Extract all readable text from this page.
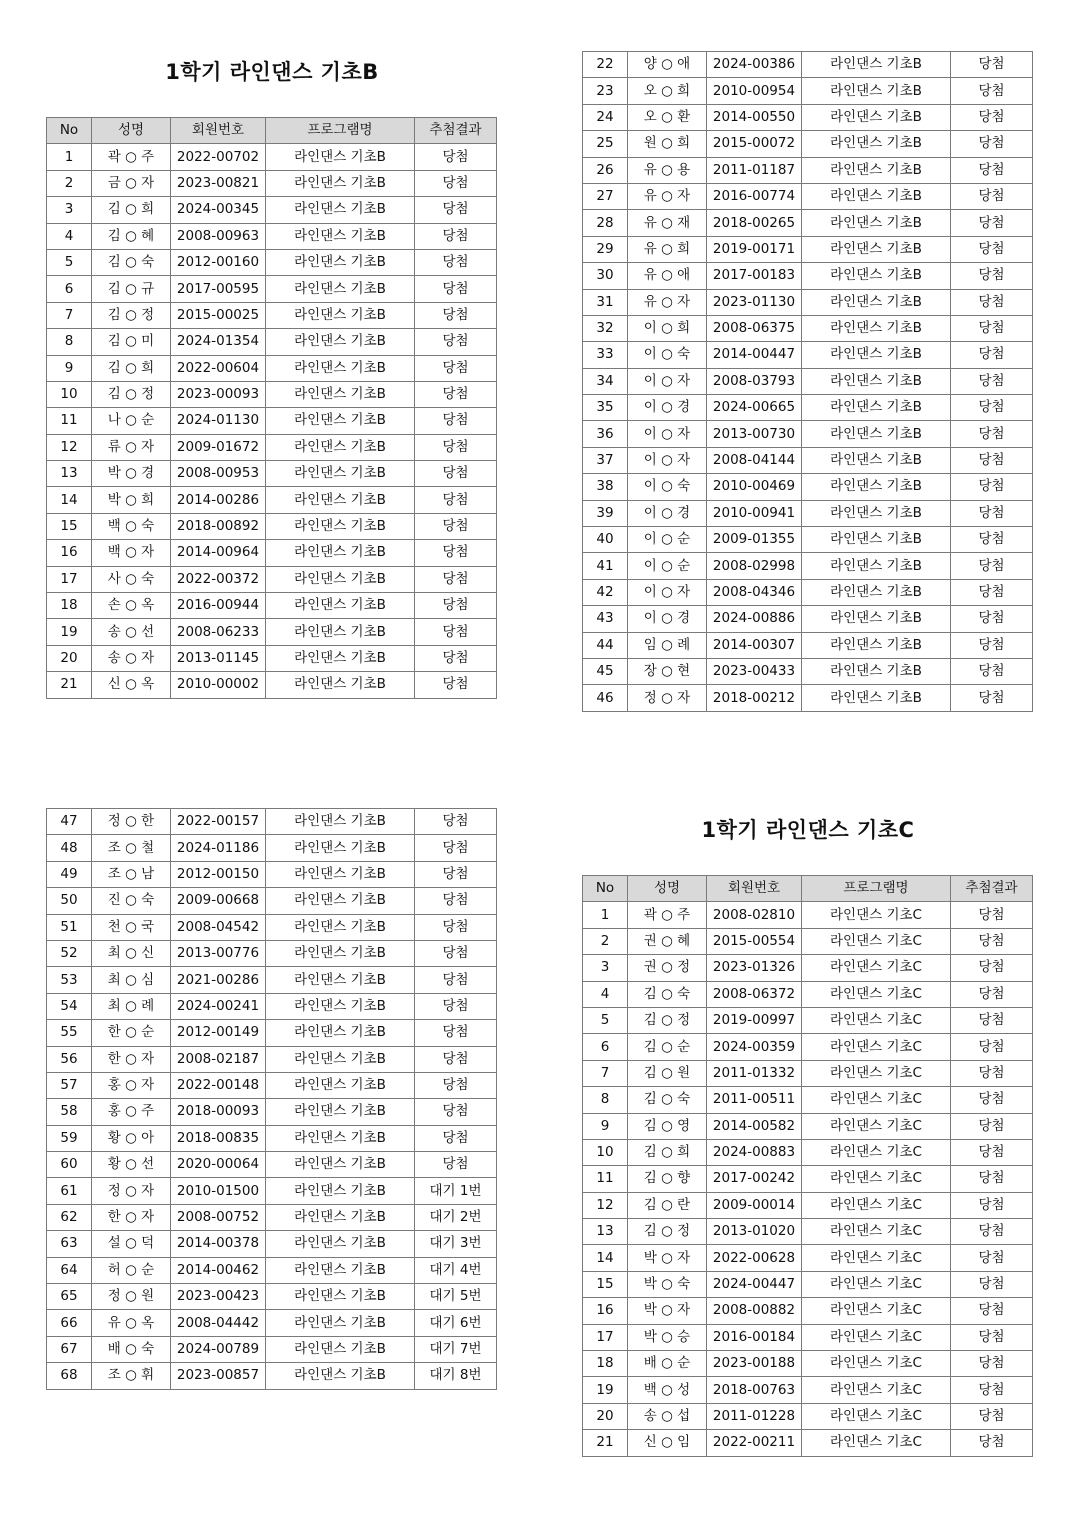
1학기 라인댄스 기초B
No	성명	회원번호	프로그램명	추첨결과
1	곽 ○ 주	2022-00702	라인댄스 기초B	당첨
2	금 ○ 자	2023-00821	라인댄스 기초B	당첨
3	김 ○ 희	2024-00345	라인댄스 기초B	당첨
4	김 ○ 혜	2008-00963	라인댄스 기초B	당첨
5	김 ○ 숙	2012-00160	라인댄스 기초B	당첨
6	김 ○ 규	2017-00595	라인댄스 기초B	당첨
7	김 ○ 정	2015-00025	라인댄스 기초B	당첨
8	김 ○ 미	2024-01354	라인댄스 기초B	당첨
9	김 ○ 희	2022-00604	라인댄스 기초B	당첨
10	김 ○ 정	2023-00093	라인댄스 기초B	당첨
11	나 ○ 순	2024-01130	라인댄스 기초B	당첨
12	류 ○ 자	2009-01672	라인댄스 기초B	당첨
13	박 ○ 경	2008-00953	라인댄스 기초B	당첨
14	박 ○ 희	2014-00286	라인댄스 기초B	당첨
15	백 ○ 숙	2018-00892	라인댄스 기초B	당첨
16	백 ○ 자	2014-00964	라인댄스 기초B	당첨
17	사 ○ 숙	2022-00372	라인댄스 기초B	당첨
18	손 ○ 옥	2016-00944	라인댄스 기초B	당첨
19	송 ○ 선	2008-06233	라인댄스 기초B	당첨
20	송 ○ 자	2013-01145	라인댄스 기초B	당첨
21	신 ○ 옥	2010-00002	라인댄스 기초B	당첨
22	양 ○ 애	2024-00386	라인댄스 기초B	당첨
23	오 ○ 희	2010-00954	라인댄스 기초B	당첨
24	오 ○ 환	2014-00550	라인댄스 기초B	당첨
25	원 ○ 희	2015-00072	라인댄스 기초B	당첨
26	유 ○ 용	2011-01187	라인댄스 기초B	당첨
27	유 ○ 자	2016-00774	라인댄스 기초B	당첨
28	유 ○ 재	2018-00265	라인댄스 기초B	당첨
29	유 ○ 희	2019-00171	라인댄스 기초B	당첨
30	유 ○ 애	2017-00183	라인댄스 기초B	당첨
31	유 ○ 자	2023-01130	라인댄스 기초B	당첨
32	이 ○ 희	2008-06375	라인댄스 기초B	당첨
33	이 ○ 숙	2014-00447	라인댄스 기초B	당첨
34	이 ○ 자	2008-03793	라인댄스 기초B	당첨
35	이 ○ 경	2024-00665	라인댄스 기초B	당첨
36	이 ○ 자	2013-00730	라인댄스 기초B	당첨
37	이 ○ 자	2008-04144	라인댄스 기초B	당첨
38	이 ○ 숙	2010-00469	라인댄스 기초B	당첨
39	이 ○ 경	2010-00941	라인댄스 기초B	당첨
40	이 ○ 순	2009-01355	라인댄스 기초B	당첨
41	이 ○ 순	2008-02998	라인댄스 기초B	당첨
42	이 ○ 자	2008-04346	라인댄스 기초B	당첨
43	이 ○ 경	2024-00886	라인댄스 기초B	당첨
44	임 ○ 례	2014-00307	라인댄스 기초B	당첨
45	장 ○ 현	2023-00433	라인댄스 기초B	당첨
46	정 ○ 자	2018-00212	라인댄스 기초B	당첨
47	정 ○ 한	2022-00157	라인댄스 기초B	당첨
48	조 ○ 철	2024-01186	라인댄스 기초B	당첨
49	조 ○ 남	2012-00150	라인댄스 기초B	당첨
50	진 ○ 숙	2009-00668	라인댄스 기초B	당첨
51	천 ○ 국	2008-04542	라인댄스 기초B	당첨
52	최 ○ 신	2013-00776	라인댄스 기초B	당첨
53	최 ○ 심	2021-00286	라인댄스 기초B	당첨
54	최 ○ 례	2024-00241	라인댄스 기초B	당첨
55	한 ○ 순	2012-00149	라인댄스 기초B	당첨
56	한 ○ 자	2008-02187	라인댄스 기초B	당첨
57	홍 ○ 자	2022-00148	라인댄스 기초B	당첨
58	홍 ○ 주	2018-00093	라인댄스 기초B	당첨
59	황 ○ 아	2018-00835	라인댄스 기초B	당첨
60	황 ○ 선	2020-00064	라인댄스 기초B	당첨
61	정 ○ 자	2010-01500	라인댄스 기초B	대기 1번
62	한 ○ 자	2008-00752	라인댄스 기초B	대기 2번
63	설 ○ 덕	2014-00378	라인댄스 기초B	대기 3번
64	허 ○ 순	2014-00462	라인댄스 기초B	대기 4번
65	정 ○ 원	2023-00423	라인댄스 기초B	대기 5번
66	유 ○ 옥	2008-04442	라인댄스 기초B	대기 6번
67	배 ○ 숙	2024-00789	라인댄스 기초B	대기 7번
68	조 ○ 휘	2023-00857	라인댄스 기초B	대기 8번
1학기 라인댄스 기초C
No	성명	회원번호	프로그램명	추첨결과
1	곽 ○ 주	2008-02810	라인댄스 기초C	당첨
2	권 ○ 혜	2015-00554	라인댄스 기초C	당첨
3	권 ○ 정	2023-01326	라인댄스 기초C	당첨
4	김 ○ 숙	2008-06372	라인댄스 기초C	당첨
5	김 ○ 정	2019-00997	라인댄스 기초C	당첨
6	김 ○ 순	2024-00359	라인댄스 기초C	당첨
7	김 ○ 원	2011-01332	라인댄스 기초C	당첨
8	김 ○ 숙	2011-00511	라인댄스 기초C	당첨
9	김 ○ 영	2014-00582	라인댄스 기초C	당첨
10	김 ○ 희	2024-00883	라인댄스 기초C	당첨
11	김 ○ 향	2017-00242	라인댄스 기초C	당첨
12	김 ○ 란	2009-00014	라인댄스 기초C	당첨
13	김 ○ 정	2013-01020	라인댄스 기초C	당첨
14	박 ○ 자	2022-00628	라인댄스 기초C	당첨
15	박 ○ 숙	2024-00447	라인댄스 기초C	당첨
16	박 ○ 자	2008-00882	라인댄스 기초C	당첨
17	박 ○ 승	2016-00184	라인댄스 기초C	당첨
18	배 ○ 순	2023-00188	라인댄스 기초C	당첨
19	백 ○ 성	2018-00763	라인댄스 기초C	당첨
20	송 ○ 섭	2011-01228	라인댄스 기초C	당첨
21	신 ○ 임	2022-00211	라인댄스 기초C	당첨
